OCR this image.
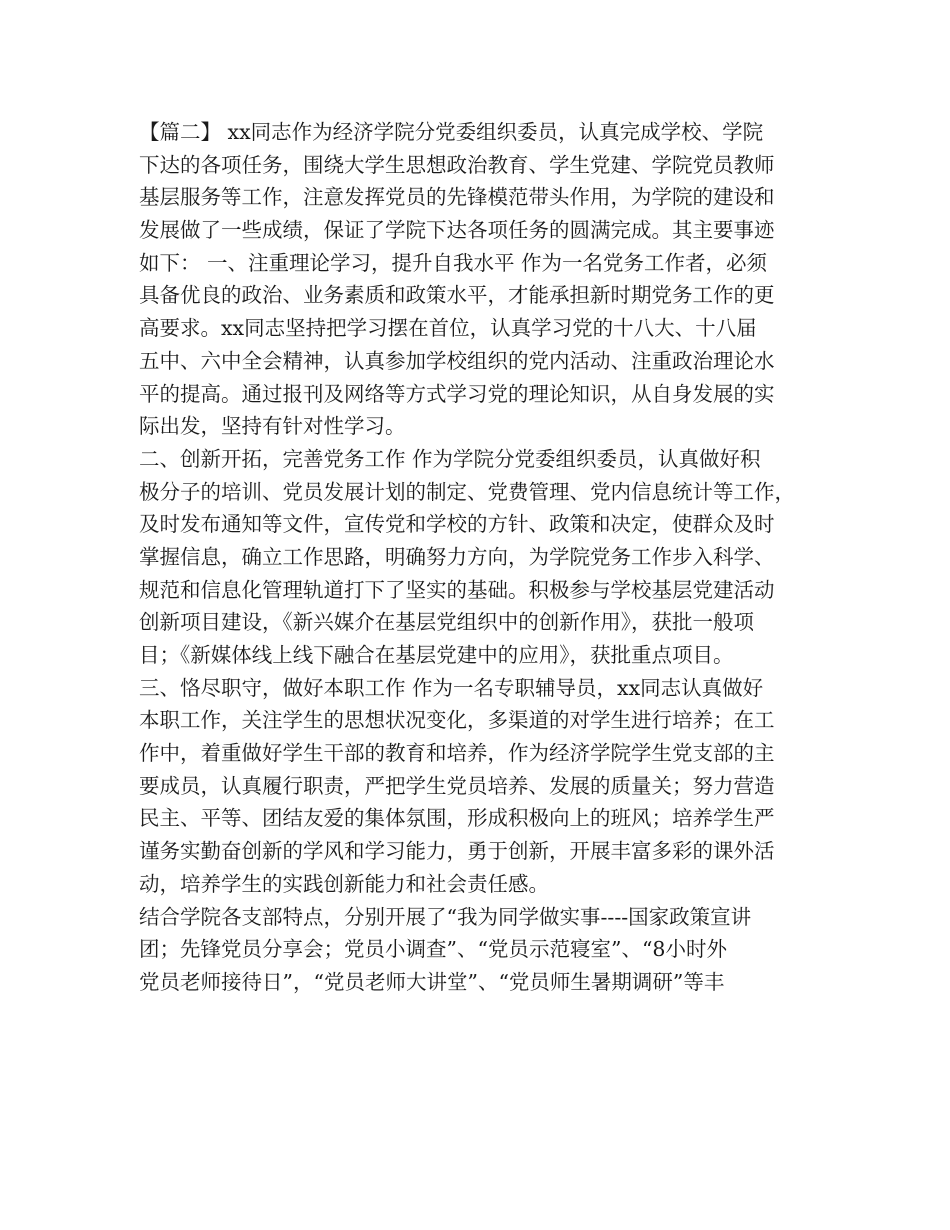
【篇二】 xx同志作为经济学院分党委组织委员，认真完成学校、学院
下达的各项任务，围绕大学生思想政治教育、学生党建、学院党员教师
基层服务等工作，注意发挥党员的先锋模范带头作用，为学院的建设和
发展做了一些成绩，保证了学院下达各项任务的圆满完成。其主要事迹
如下： 一、注重理论学习，提升自我水平 作为一名党务工作者，必须
具备优良的政治、业务素质和政策水平，才能承担新时期党务工作的更
高要求。xx同志坚持把学习摆在首位，认真学习党的十八大、十八届
五中、六中全会精神，认真参加学校组织的党内活动、注重政治理论水
平的提高。通过报刊及网络等方式学习党的理论知识，从自身发展的实
际出发，坚持有针对性学习。
二、创新开拓，完善党务工作 作为学院分党委组织委员，认真做好积
极分子的培训、党员发展计划的制定、党费管理、党内信息统计等工作，
及时发布通知等文件，宣传党和学校的方针、政策和决定，使群众及时
掌握信息，确立工作思路，明确努力方向，为学院党务工作步入科学、
规范和信息化管理轨道打下了坚实的基础。积极参与学校基层党建活动
创新项目建设，《新兴媒介在基层党组织中的创新作用》，获批一般项
目；《新媒体线上线下融合在基层党建中的应用》，获批重点项目。
三、恪尽职守，做好本职工作 作为一名专职辅导员，xx同志认真做好
本职工作，关注学生的思想状况变化，多渠道的对学生进行培养；在工
作中，着重做好学生干部的教育和培养，作为经济学院学生党支部的主
要成员，认真履行职责，严把学生党员培养、发展的质量关；努力营造
民主、平等、团结友爱的集体氛围，形成积极向上的班风；培养学生严
谨务实勤奋创新的学风和学习能力，勇于创新，开展丰富多彩的课外活
动，培养学生的实践创新能力和社会责任感。
结合学院各支部特点，分别开展了“我为同学做实事----国家政策宣讲
团；先锋党员分享会；党员小调查”、“党员示范寝室”、“8小时外
党员老师接待日”，“党员老师大讲堂”、“党员师生暑期调研”等丰
